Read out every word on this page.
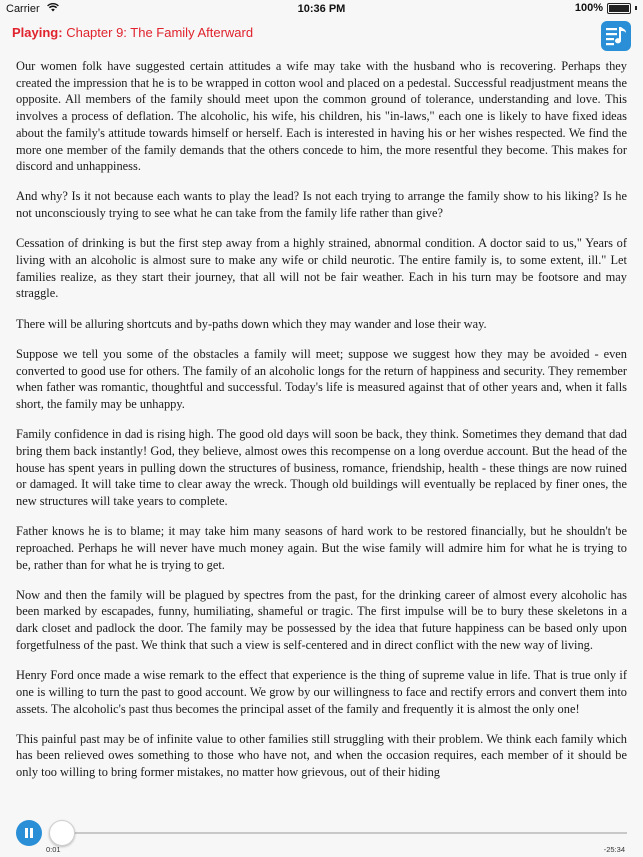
Carrier	10:36 PM	100%
Playing: Chapter 9: The Family Afterward

Our women folk have suggested certain attitudes a wife may take with the husband who is recovering. Perhaps they created the impression that he is to be wrapped in cotton wool and placed on a pedestal. Successful readjustment means the opposite. All members of the family should meet upon the common ground of tolerance, understanding and love. This involves a process of deflation. The alcoholic, his wife, his children, his "in-laws," each one is likely to have fixed ideas about the family's attitude towards himself or herself. Each is interested in having his or her wishes respected. We find the more one member of the family demands that the others concede to him, the more resentful they become. This makes for discord and unhappiness.

And why? Is it not because each wants to play the lead? Is not each trying to arrange the family show to his liking? Is he not unconsciously trying to see what he can take from the family life rather than give?

Cessation of drinking is but the first step away from a highly strained, abnormal condition. A doctor said to us," Years of living with an alcoholic is almost sure to make any wife or child neurotic. The entire family is, to some extent, ill." Let families realize, as they start their journey, that all will not be fair weather. Each in his turn may be footsore and may straggle.

There will be alluring shortcuts and by-paths down which they may wander and lose their way.

Suppose we tell you some of the obstacles a family will meet; suppose we suggest how they may be avoided - even converted to good use for others. The family of an alcoholic longs for the return of happiness and security. They remember when father was romantic, thoughtful and successful. Today's life is measured against that of other years and, when it falls short, the family may be unhappy.

Family confidence in dad is rising high. The good old days will soon be back, they think. Sometimes they demand that dad bring them back instantly! God, they believe, almost owes this recompense on a long overdue account. But the head of the house has spent years in pulling down the structures of business, romance, friendship, health - these things are now ruined or damaged. It will take time to clear away the wreck. Though old buildings will eventually be replaced by finer ones, the new structures will take years to complete.

Father knows he is to blame; it may take him many seasons of hard work to be restored financially, but he shouldn't be reproached. Perhaps he will never have much money again. But the wise family will admire him for what he is trying to be, rather than for what he is trying to get.

Now and then the family will be plagued by spectres from the past, for the drinking career of almost every alcoholic has been marked by escapades, funny, humiliating, shameful or tragic. The first impulse will be to bury these skeletons in a dark closet and padlock the door. The family may be possessed by the idea that future happiness can be based only upon forgetfulness of the past. We think that such a view is self-centered and in direct conflict with the new way of living.

Henry Ford once made a wise remark to the effect that experience is the thing of supreme value in life. That is true only if one is willing to turn the past to good account. We grow by our willingness to face and rectify errors and convert them into assets. The alcoholic's past thus becomes the principal asset of the family and frequently it is almost the only one!

This painful past may be of infinite value to other families still struggling with their problem. We think each family which has been relieved owes something to those who have not, and when the occasion requires, each member of it should be only too willing to bring former mistakes, no matter how grievous, out of their hiding

0:01	-25:34
